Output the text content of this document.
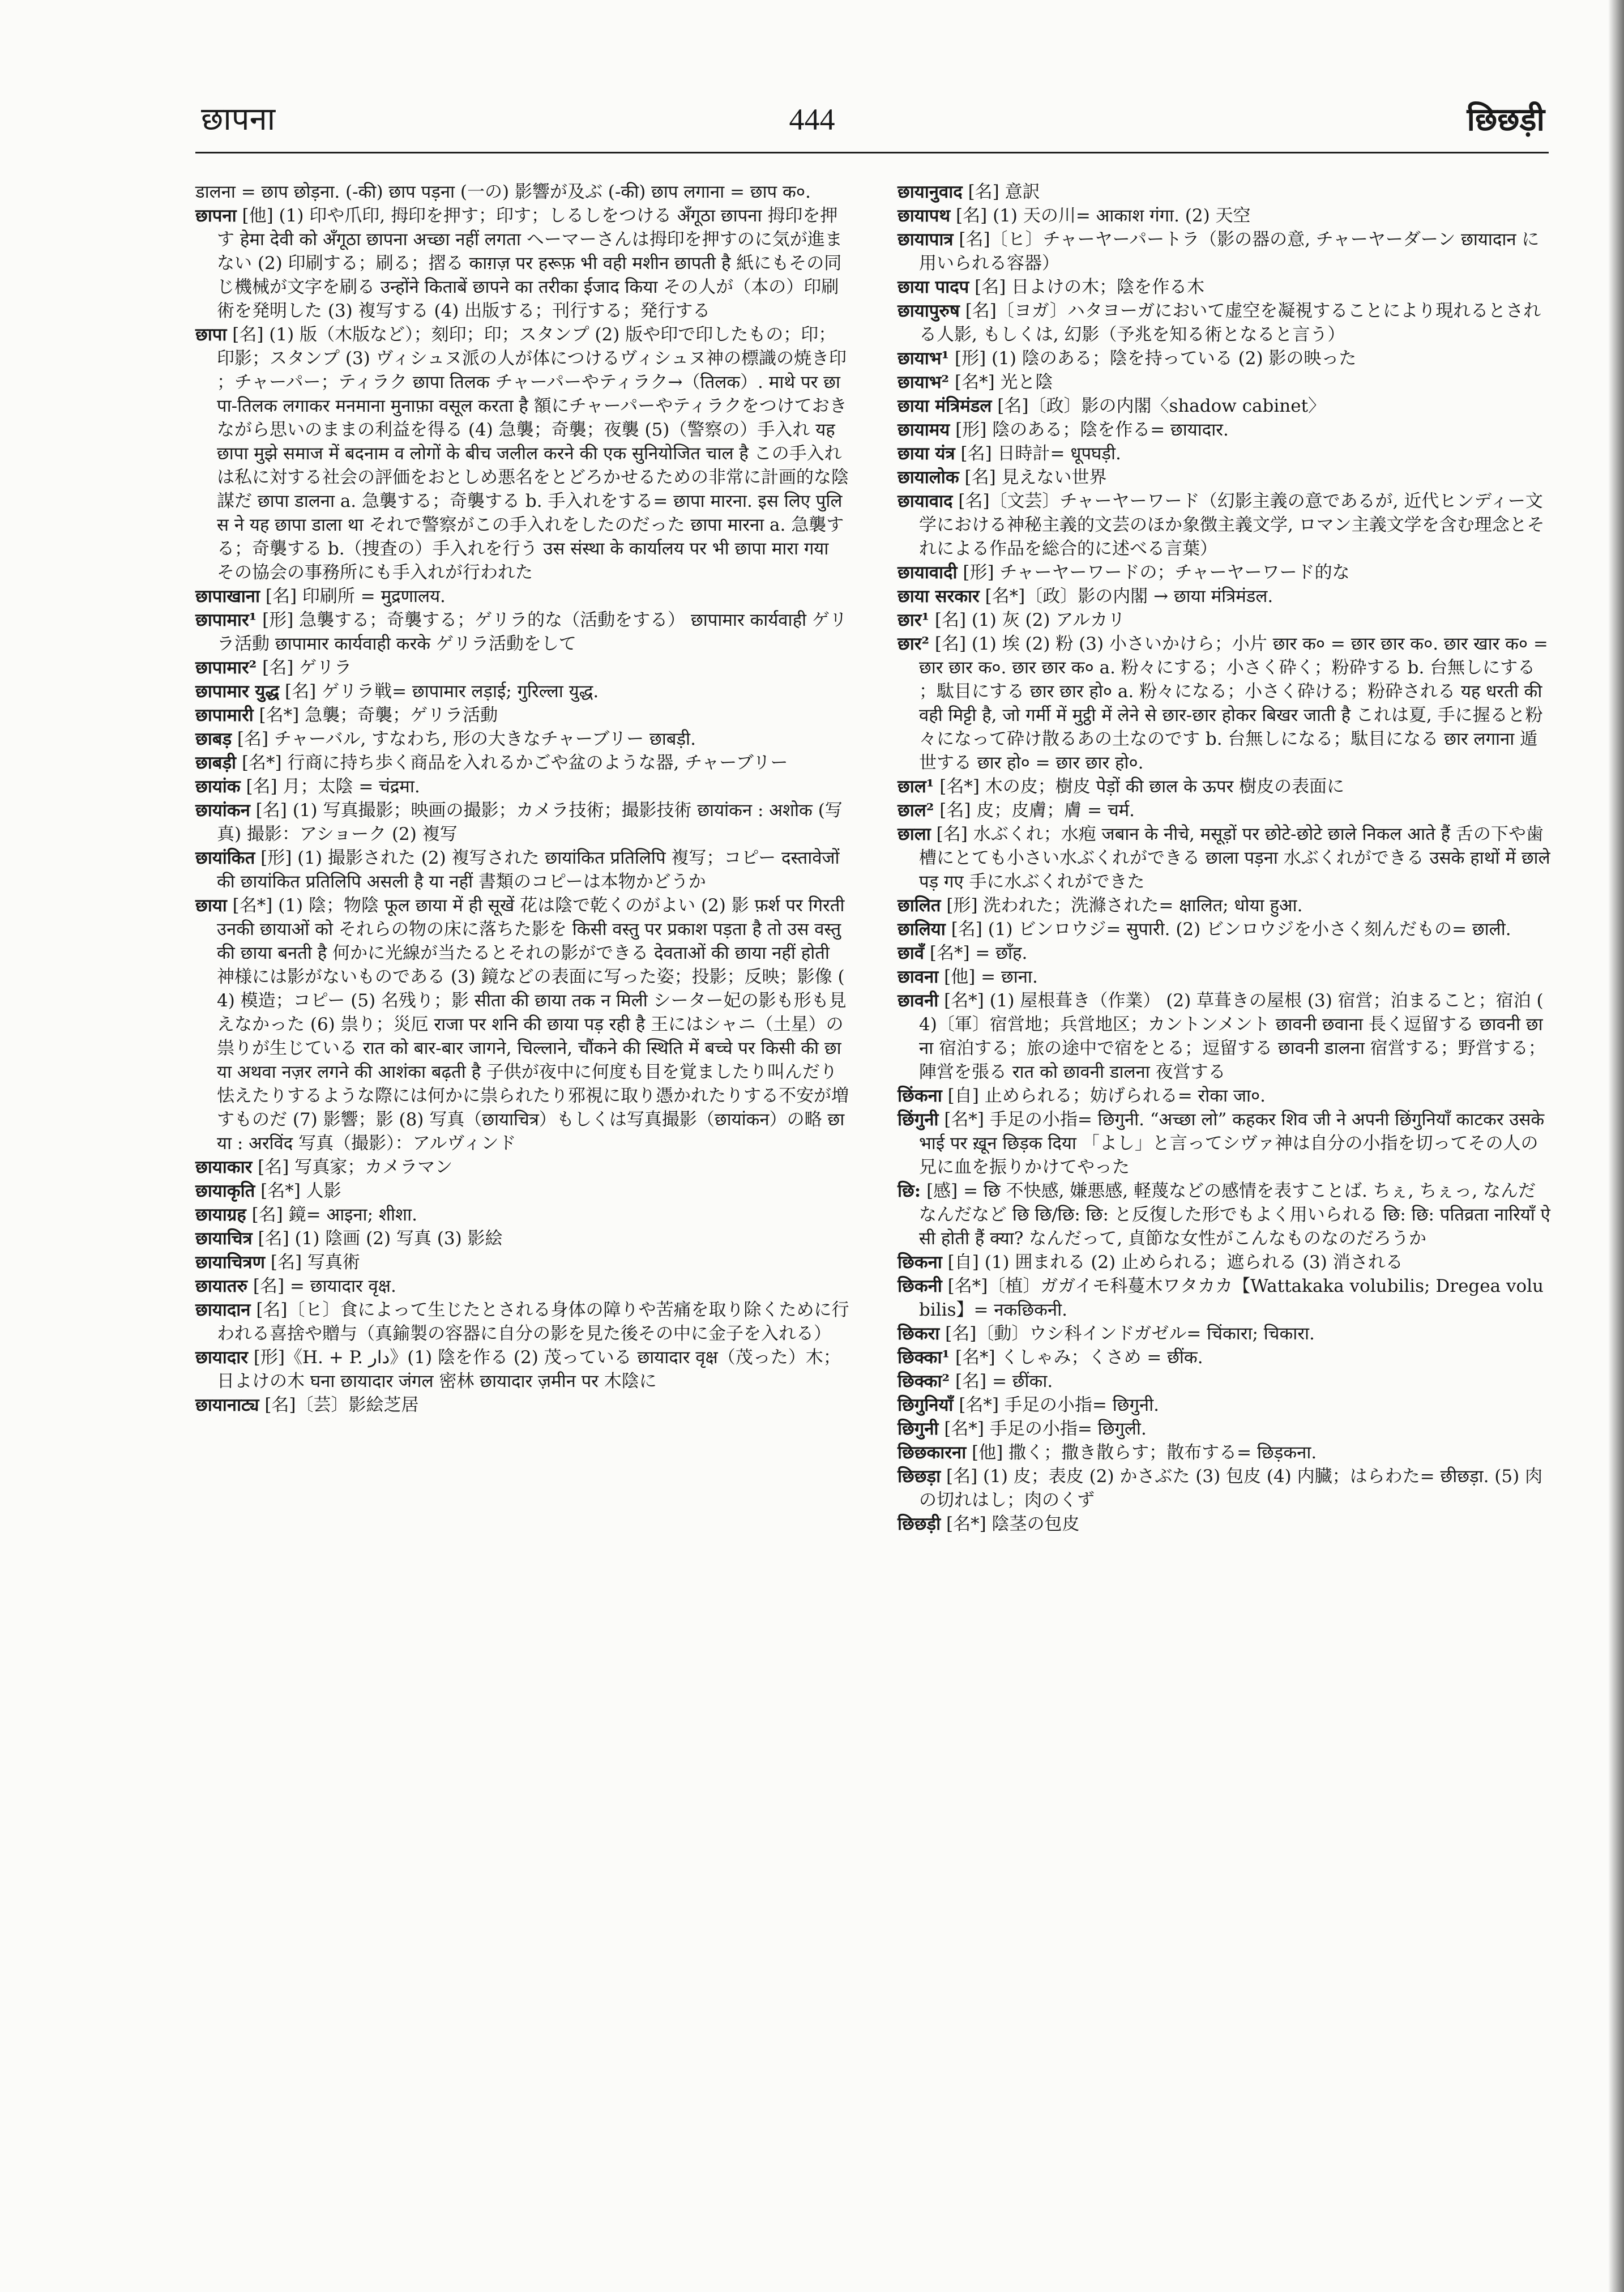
छापना	444	छिछड़ी
डालना = छाप छोड़ना. (-की) छाप पड़ना (一の) 影響が及ぶ (-की) छाप लगाना = छाप क०.
छापना [他] (1) 印や爪印, 拇印を押す；印す；しるしをつける अँगूठा छापना 拇印を押す हेमा देवी को अँगूठा छापना अच्छा नहीं लगता ヘーマーさんは拇印を押すのに気が進まない (2) 印刷する；刷る；摺る काग़ज़ पर हरूफ़ भी वही मशीन छापती है 紙にもその同じ機械が文字を刷る उन्होंने किताबें छापने का तरीका ईजाद किया その人が（本の）印刷術を発明した (3) 複写する (4) 出版する；刊行する；発行する
छापा [名] (1) 版（木版など）；刻印；印；スタンプ (2) 版や印で印したもの；印；印影；スタンプ (3) ヴィシュヌ派の人が体につけるヴィシュヌ神の標識の焼き印；チャーパー；ティラク छापा तिलक チャーパーやティラク→（तिलक）. माथे पर छापा-तिलक लगाकर मनमाना मुनाफ़ा वसूल करता है 額にチャーパーやティラクをつけておきながら思いのままの利益を得る (4) 急襲；奇襲；夜襲 (5)（警察の）手入れ यह छापा मुझे समाज में बदनाम व लोगों के बीच जलील करने की एक सुनियोजित चाल है この手入れは私に対する社会の評価をおとしめ悪名をとどろかせるための非常に計画的な陰謀だ छापा डालना a. 急襲する；奇襲する b. 手入れをする= छापा मारना. इस लिए पुलिस ने यह छापा डाला था それで警察がこの手入れをしたのだった छापा मारना a. 急襲する；奇襲する b.（捜査の）手入れを行う उस संस्था के कार्यालय पर भी छापा मारा गया その協会の事務所にも手入れが行われた
छापाखाना [名] 印刷所 = मुद्रणालय.
छापामार¹ [形] 急襲する；奇襲する；ゲリラ的な（活動をする） छापामार कार्यवाही ゲリラ活動 छापामार कार्यवाही करके ゲリラ活動をして
छापामार² [名] ゲリラ
छापामार युद्ध [名] ゲリラ戦= छापामार लड़ाई; गुरिल्ला युद्ध.
छापामारी [名*] 急襲；奇襲；ゲリラ活動
छाबड़ [名] チャーバル, すなわち, 形の大きなチャーブリー छाबड़ी.
छाबड़ी [名*] 行商に持ち歩く商品を入れるかごや盆のような器, チャーブリー
छायांक [名] 月；太陰 = चंद्रमा.
छायांकन [名] (1) 写真撮影；映画の撮影；カメラ技術；撮影技術 छायांकन : अशोक (写真) 撮影：アショーク (2) 複写
छायांकित [形] (1) 撮影された (2) 複写された छायांकित प्रतिलिपि 複写；コピー दस्तावेजों की छायांकित प्रतिलिपि असली है या नहीं 書類のコピーは本物かどうか
छाया [名*] (1) 陰；物陰 फूल छाया में ही सूखें 花は陰で乾くのがよい (2) 影 फ़र्श पर गिरती उनकी छायाओं को それらの物の床に落ちた影を किसी वस्तु पर प्रकाश पड़ता है तो उस वस्तु की छाया बनती है 何かに光線が当たるとそれの影ができる देवताओं की छाया नहीं होती 神様には影がないものである (3) 鏡などの表面に写った姿；投影；反映；影像 (4) 模造；コピー (5) 名残り；影 सीता की छाया तक न मिली シーター妃の影も形も見えなかった (6) 祟り；災厄 राजा पर शनि की छाया पड़ रही है 王にはシャニ（土星）の祟りが生じている रात को बार-बार जागने, चिल्लाने, चौंकने की स्थिति में बच्चे पर किसी की छाया अथवा नज़र लगने की आशंका बढ़ती है 子供が夜中に何度も目を覚ましたり叫んだり怯えたりするような際には何かに祟られたり邪視に取り憑かれたりする不安が増すものだ (7) 影響；影 (8) 写真（छायाचित्र）もしくは写真撮影（छायांकन）の略 छाया : अरविंद 写真（撮影）：アルヴィンド
छायाकार [名] 写真家；カメラマン
छायाकृति [名*] 人影
छायाग्रह [名] 鏡= आइना; शीशा.
छायाचित्र [名] (1) 陰画 (2) 写真 (3) 影絵
छायाचित्रण [名] 写真術
छायातरु [名] = छायादार वृक्ष.
छायादान [名]〔ヒ〕食によって生じたとされる身体の障りや苦痛を取り除くために行われる喜捨や贈与（真鍮製の容器に自分の影を見た後その中に金子を入れる）
छायादार [形]《H. + P. دار》(1) 陰を作る (2) 茂っている छायादार वृक्ष（茂った）木；日よけの木 घना छायादार जंगल 密林 छायादार ज़मीन पर 木陰に
छायानाट्य [名]〔芸〕影絵芝居
छायानुवाद [名] 意訳
छायापथ [名] (1) 天の川= आकाश गंगा. (2) 天空
छायापात्र [名]〔ヒ〕チャーヤーパートラ（影の器の意, チャーヤーダーン छायादान に用いられる容器）
छाया पादप [名] 日よけの木；陰を作る木
छायापुरुष [名]〔ヨガ〕ハタヨーガにおいて虚空を凝視することにより現れるとされる人影, もしくは, 幻影（予兆を知る術となると言う）
छायाभ¹ [形] (1) 陰のある；陰を持っている (2) 影の映った
छायाभ² [名*] 光と陰
छाया मंत्रिमंडल [名]〔政〕影の内閣〈shadow cabinet〉
छायामय [形] 陰のある；陰を作る= छायादार.
छाया यंत्र [名] 日時計= धूपघड़ी.
छायालोक [名] 見えない世界
छायावाद [名]〔文芸〕チャーヤーワード（幻影主義の意であるが, 近代ヒンディー文学における神秘主義的文芸のほか象徴主義文学, ロマン主義文学を含む理念とそれによる作品を総合的に述べる言葉）
छायावादी [形] チャーヤーワードの；チャーヤーワード的な
छाया सरकार [名*]〔政〕影の内閣 → छाया मंत्रिमंडल.
छार¹ [名] (1) 灰 (2) アルカリ
छार² [名] (1) 埃 (2) 粉 (3) 小さいかけら；小片 छार क० = छार छार क०. छार खार क० = छार छार क०. छार छार क० a. 粉々にする；小さく砕く；粉砕する b. 台無しにする；駄目にする छार छार हो० a. 粉々になる；小さく砕ける；粉砕される यह धरती की वही मिट्टी है, जो गर्मी में मुट्ठी में लेने से छार-छार होकर बिखर जाती है これは夏, 手に握ると粉々になって砕け散るあの土なのです b. 台無しになる；駄目になる छार लगाना 遁世する छार हो० = छार छार हो०.
छाल¹ [名*] 木の皮；樹皮 पेड़ों की छाल के ऊपर 樹皮の表面に
छाल² [名] 皮；皮膚；膚 = चर्म.
छाला [名] 水ぶくれ；水疱 जबान के नीचे, मसूड़ों पर छोटे-छोटे छाले निकल आते हैं 舌の下や歯槽にとても小さい水ぶくれができる छाला पड़ना 水ぶくれができる उसके हाथों में छाले पड़ गए 手に水ぶくれができた
छालित [形] 洗われた；洗滌された= क्षालित; धोया हुआ.
छालिया [名] (1) ビンロウジ= सुपारी. (2) ビンロウジを小さく刻んだもの= छाली.
छावँ [名*] = छाँह.
छावना [他] = छाना.
छावनी [名*] (1) 屋根葺き（作業） (2) 草葺きの屋根 (3) 宿営；泊まること；宿泊 (4)〔軍〕宿営地；兵営地区；カントンメント छावनी छवाना 長く逗留する छावनी छाना 宿泊する；旅の途中で宿をとる；逗留する छावनी डालना 宿営する；野営する；陣営を張る रात को छावनी डालना 夜営する
छिंकना [自] 止められる；妨げられる= रोका जा०.
छिंगुनी [名*] 手足の小指= छिगुनी. “अच्छा लो” कहकर शिव जी ने अपनी छिंगुनियाँ काटकर उसके भाई पर ख़ून छिड़क दिया 「よし」と言ってシヴァ神は自分の小指を切ってその人の兄に血を振りかけてやった
छि: [感] = छि 不快感, 嫌悪感, 軽蔑などの感情を表すことば. ちぇ, ちぇっ, なんだなんだなど छि छि/छि: छि: と反復した形でもよく用いられる छि: छि: पतिव्रता नारियाँ ऐसी होती हैं क्या? なんだって, 貞節な女性がこんなものなのだろうか
छिकना [自] (1) 囲まれる (2) 止められる；遮られる (3) 消される
छिकनी [名*]〔植〕ガガイモ科蔓木ワタカカ【Wattakaka volubilis; Dregea volubilis】= नकछिकनी.
छिकरा [名]〔動〕ウシ科インドガゼル= चिंकारा; चिकारा.
छिक्का¹ [名*] くしゃみ；くさめ = छींक.
छिक्का² [名] = छींका.
छिगुनियाँ [名*] 手足の小指= छिगुनी.
छिगुनी [名*] 手足の小指= छिगुली.
छिछकारना [他] 撒く；撒き散らす；散布する= छिड़कना.
छिछड़ा [名] (1) 皮；表皮 (2) かさぶた (3) 包皮 (4) 内臓；はらわた= छीछड़ा. (5) 肉の切れはし；肉のくず
छिछड़ी [名*] 陰茎の包皮
